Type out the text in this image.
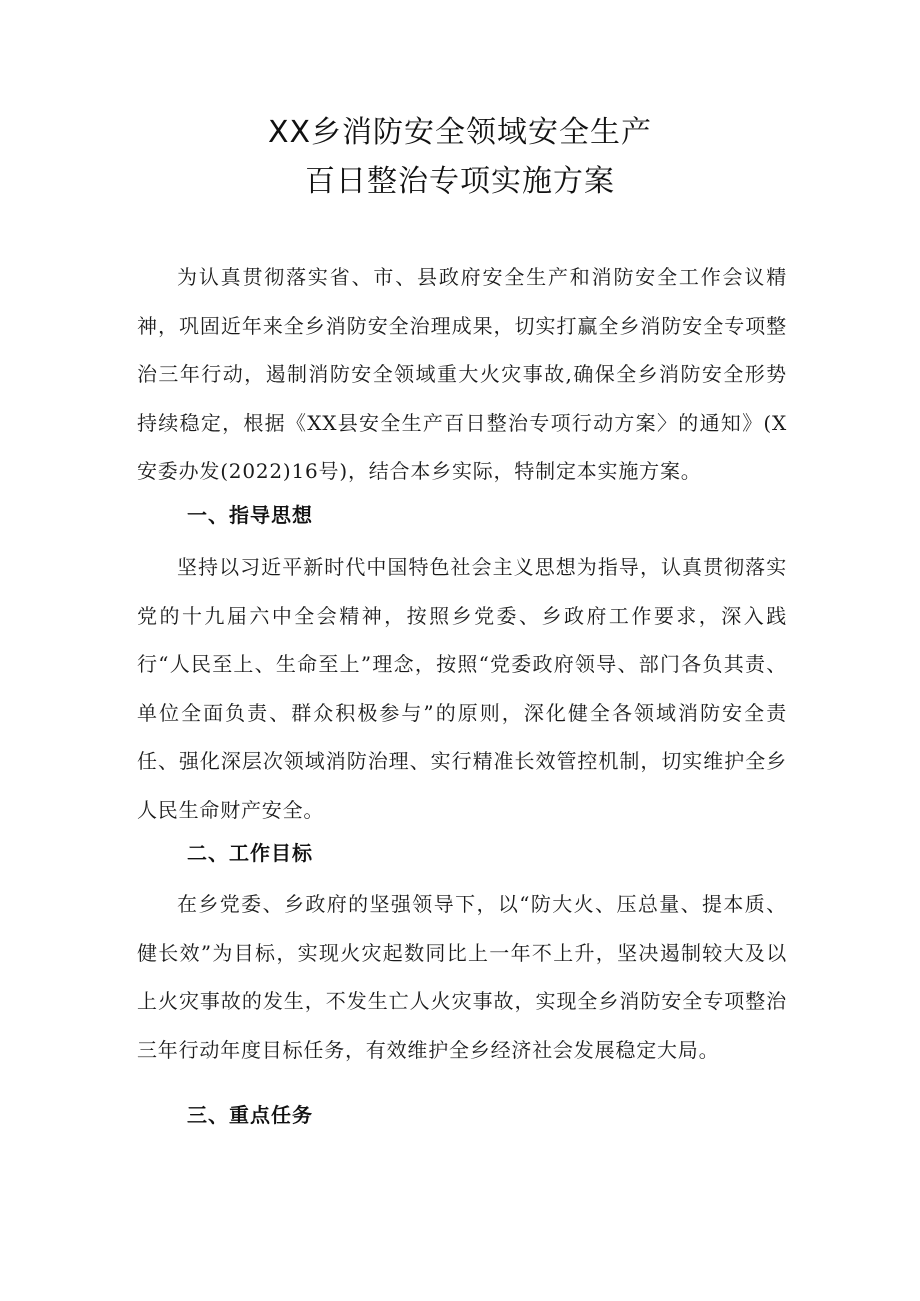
XX乡消防安全领域安全生产
百日整治专项实施方案

为认真贯彻落实省、市、县政府安全生产和消防安全工作会议精神，巩固近年来全乡消防安全治理成果，切实打赢全乡消防安全专项整治三年行动，遏制消防安全领域重大火灾事故,确保全乡消防安全形势持续稳定，根据《XX县安全生产百日整治专项行动方案〉的通知》(X安委办发(2022)16号)，结合本乡实际，特制定本实施方案。

一、指导思想

坚持以习近平新时代中国特色社会主义思想为指导，认真贯彻落实党的十九届六中全会精神，按照乡党委、乡政府工作要求，深入践行“人民至上、生命至上”理念，按照“党委政府领导、部门各负其责、单位全面负责、群众积极参与”的原则，深化健全各领域消防安全责任、强化深层次领域消防治理、实行精准长效管控机制，切实维护全乡人民生命财产安全。

二、工作目标

在乡党委、乡政府的坚强领导下，以“防大火、压总量、提本质、健长效”为目标，实现火灾起数同比上一年不上升，坚决遏制较大及以上火灾事故的发生，不发生亡人火灾事故，实现全乡消防安全专项整治三年行动年度目标任务，有效维护全乡经济社会发展稳定大局。

三、重点任务
